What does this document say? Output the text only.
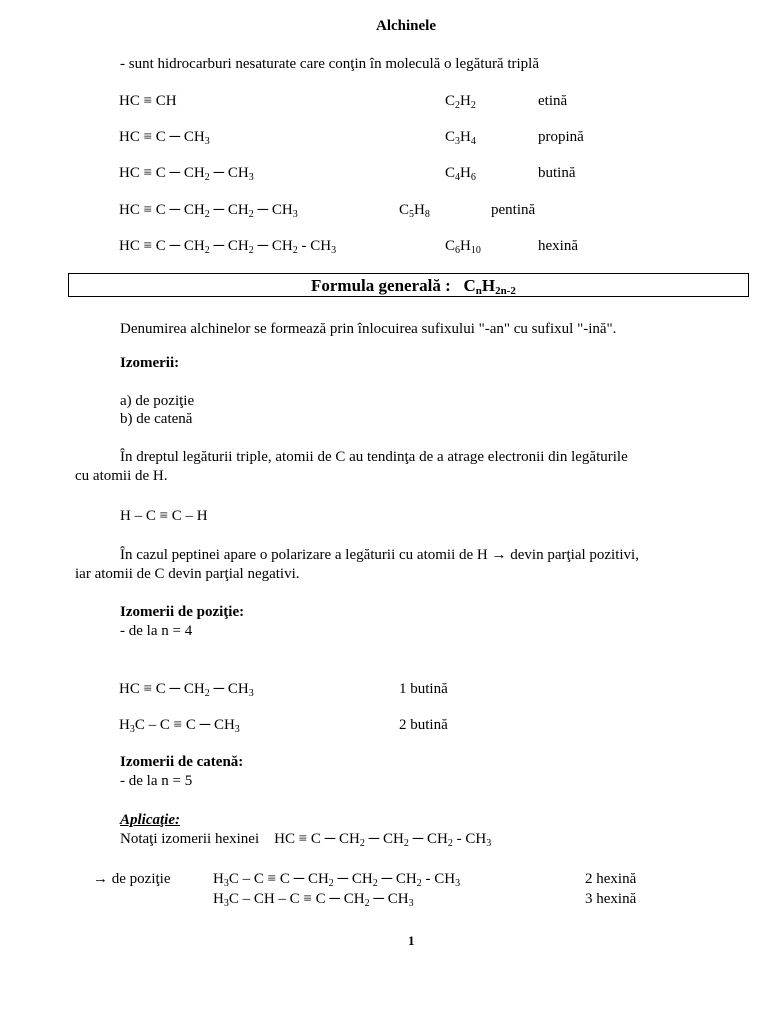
Alchinele
- sunt hidrocarburi nesaturate care conţin în moleculă o legătură triplă
HC ≡ CH	$C_2H_2$	etină
HC ≡ C ─ $CH_3$	$C_3H_4$	propină
HC ≡ C ─ $CH_2$ ─ $CH_3$	$C_4H_6$	butină
HC ≡ C ─ $CH_2$ ─ $CH_2$ ─ $CH_3$	$C_5H_8$	pentină
HC ≡ C ─ $CH_2$ ─ $CH_2$ ─ $CH_2 - CH_3$	$C_6H_{10}$	hexină
Formula generală : $C_nH_{2n-2}$
Denumirea alchinelor se formează prin înlocuirea sufixului "-an" cu sufixul "-ină".
Izomerii:
a) de poziţie
b) de catenă
În dreptul legăturii triple, atomii de C au tendinţa de a atrage electronii din legăturile
cu atomii de H.
H – C ≡ C – H
În cazul peptinei apare o polarizare a legăturii cu atomii de H → devin parţial pozitivi,
iar atomii de C devin parţial negativi.
Izomerii de poziţie:
- de la n = 4
HC ≡ C ─ $CH_2$ ─ $CH_3$	1 butină
$H_3C - C \equiv C$ ─ $CH_3$	2 butină
Izomerii de catenă:
- de la n = 5
Aplicaţie:
Notaţi izomerii hexinei HC ≡ C ─ $CH_2$ ─ $CH_2$ ─ $CH_2 - CH_3$
→ de poziţie	$H_3C - C \equiv C$ ─ $CH_2$ ─ $CH_2$ ─ $CH_2 - CH_3$	2 hexină
$H_3C$ – CH – C ≡ C ─ $CH_2$ ─ $CH_3$	3 hexină
1
